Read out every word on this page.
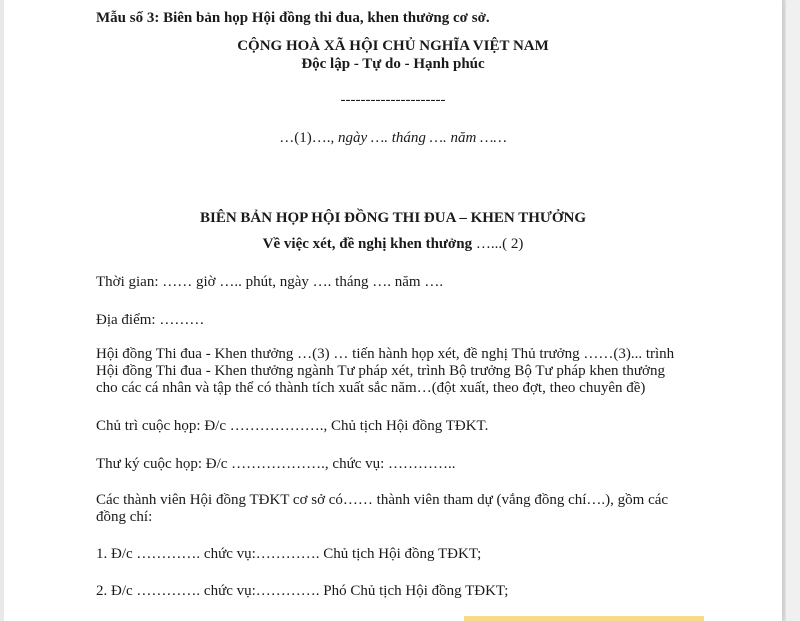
Mẫu số 3: Biên bản họp Hội đồng thi đua, khen thưởng cơ sở.
CỘNG HOÀ XÃ HỘI CHỦ NGHĨA VIỆT NAM
Độc lập - Tự do - Hạnh phúc
---------------------
…(1)…., ngày …. tháng …. năm ……
BIÊN BẢN HỌP HỘI ĐỒNG THI ĐUA – KHEN THƯỞNG
Về việc xét, đề nghị khen thưởng …...( 2)
Thời gian: …… giờ ….. phút, ngày …. tháng …. năm ….
Địa điểm: ………
Hội đồng Thi đua - Khen thưởng …(3) … tiến hành họp xét, đề nghị Thủ trưởng ……(3)... trình
Hội đồng Thi đua - Khen thưởng ngành Tư pháp xét, trình Bộ trưởng Bộ Tư pháp khen thưởng
cho các cá nhân và tập thể có thành tích xuất sắc năm…(đột xuất, theo đợt, theo chuyên đề)
Chủ trì cuộc họp: Đ/c ………………., Chủ tịch Hội đồng TĐKT.
Thư ký cuộc họp: Đ/c ………………., chức vụ: …………..
Các thành viên Hội đồng TĐKT cơ sở có…… thành viên tham dự (vắng đồng chí….), gồm các
đồng chí:
1. Đ/c …………. chức vụ:…………. Chủ tịch Hội đồng TĐKT;
2. Đ/c …………. chức vụ:…………. Phó Chủ tịch Hội đồng TĐKT;
